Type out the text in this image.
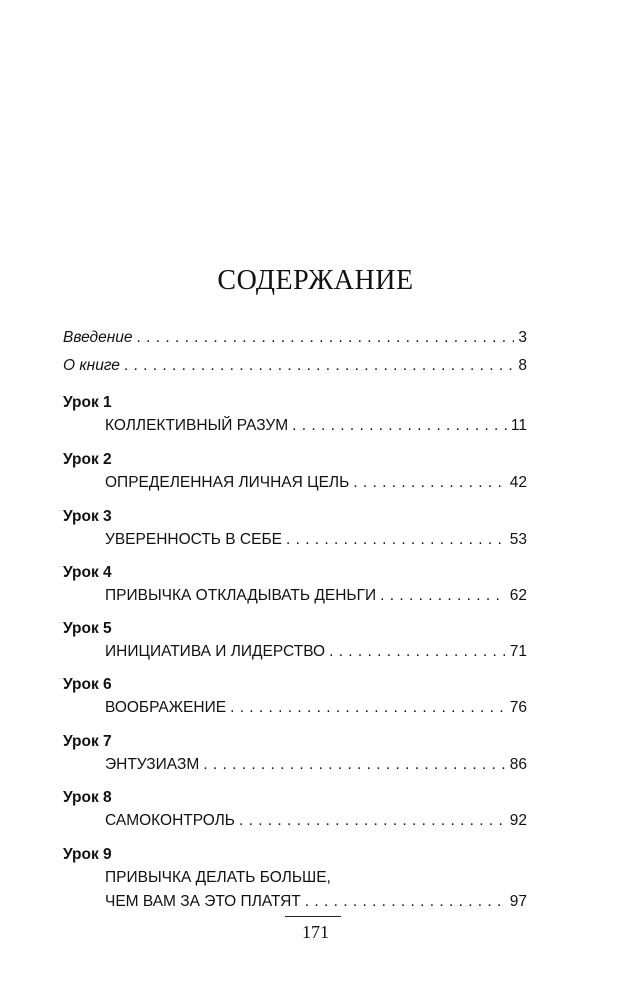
СОДЕРЖАНИЕ
Введение . . .	3
О книге . . .	8
Урок 1
КОЛЛЕКТИВНЫЙ РАЗУМ . . .	11
Урок 2
ОПРЕДЕЛЕННАЯ ЛИЧНАЯ ЦЕЛЬ . . .	42
Урок 3
УВЕРЕННОСТЬ В СЕБЕ . . .	53
Урок 4
ПРИВЫЧКА ОТКЛАДЫВАТЬ ДЕНЬГИ . . .	62
Урок 5
ИНИЦИАТИВА И ЛИДЕРСТВО . . .	71
Урок 6
ВООБРАЖЕНИЕ . . .	76
Урок 7
ЭНТУЗИАЗМ . . .	86
Урок 8
САМОКОНТРОЛЬ . . .	92
Урок 9
ПРИВЫЧКА ДЕЛАТЬ БОЛЬШЕ,
ЧЕМ ВАМ ЗА ЭТО ПЛАТЯТ . . .	97
171
